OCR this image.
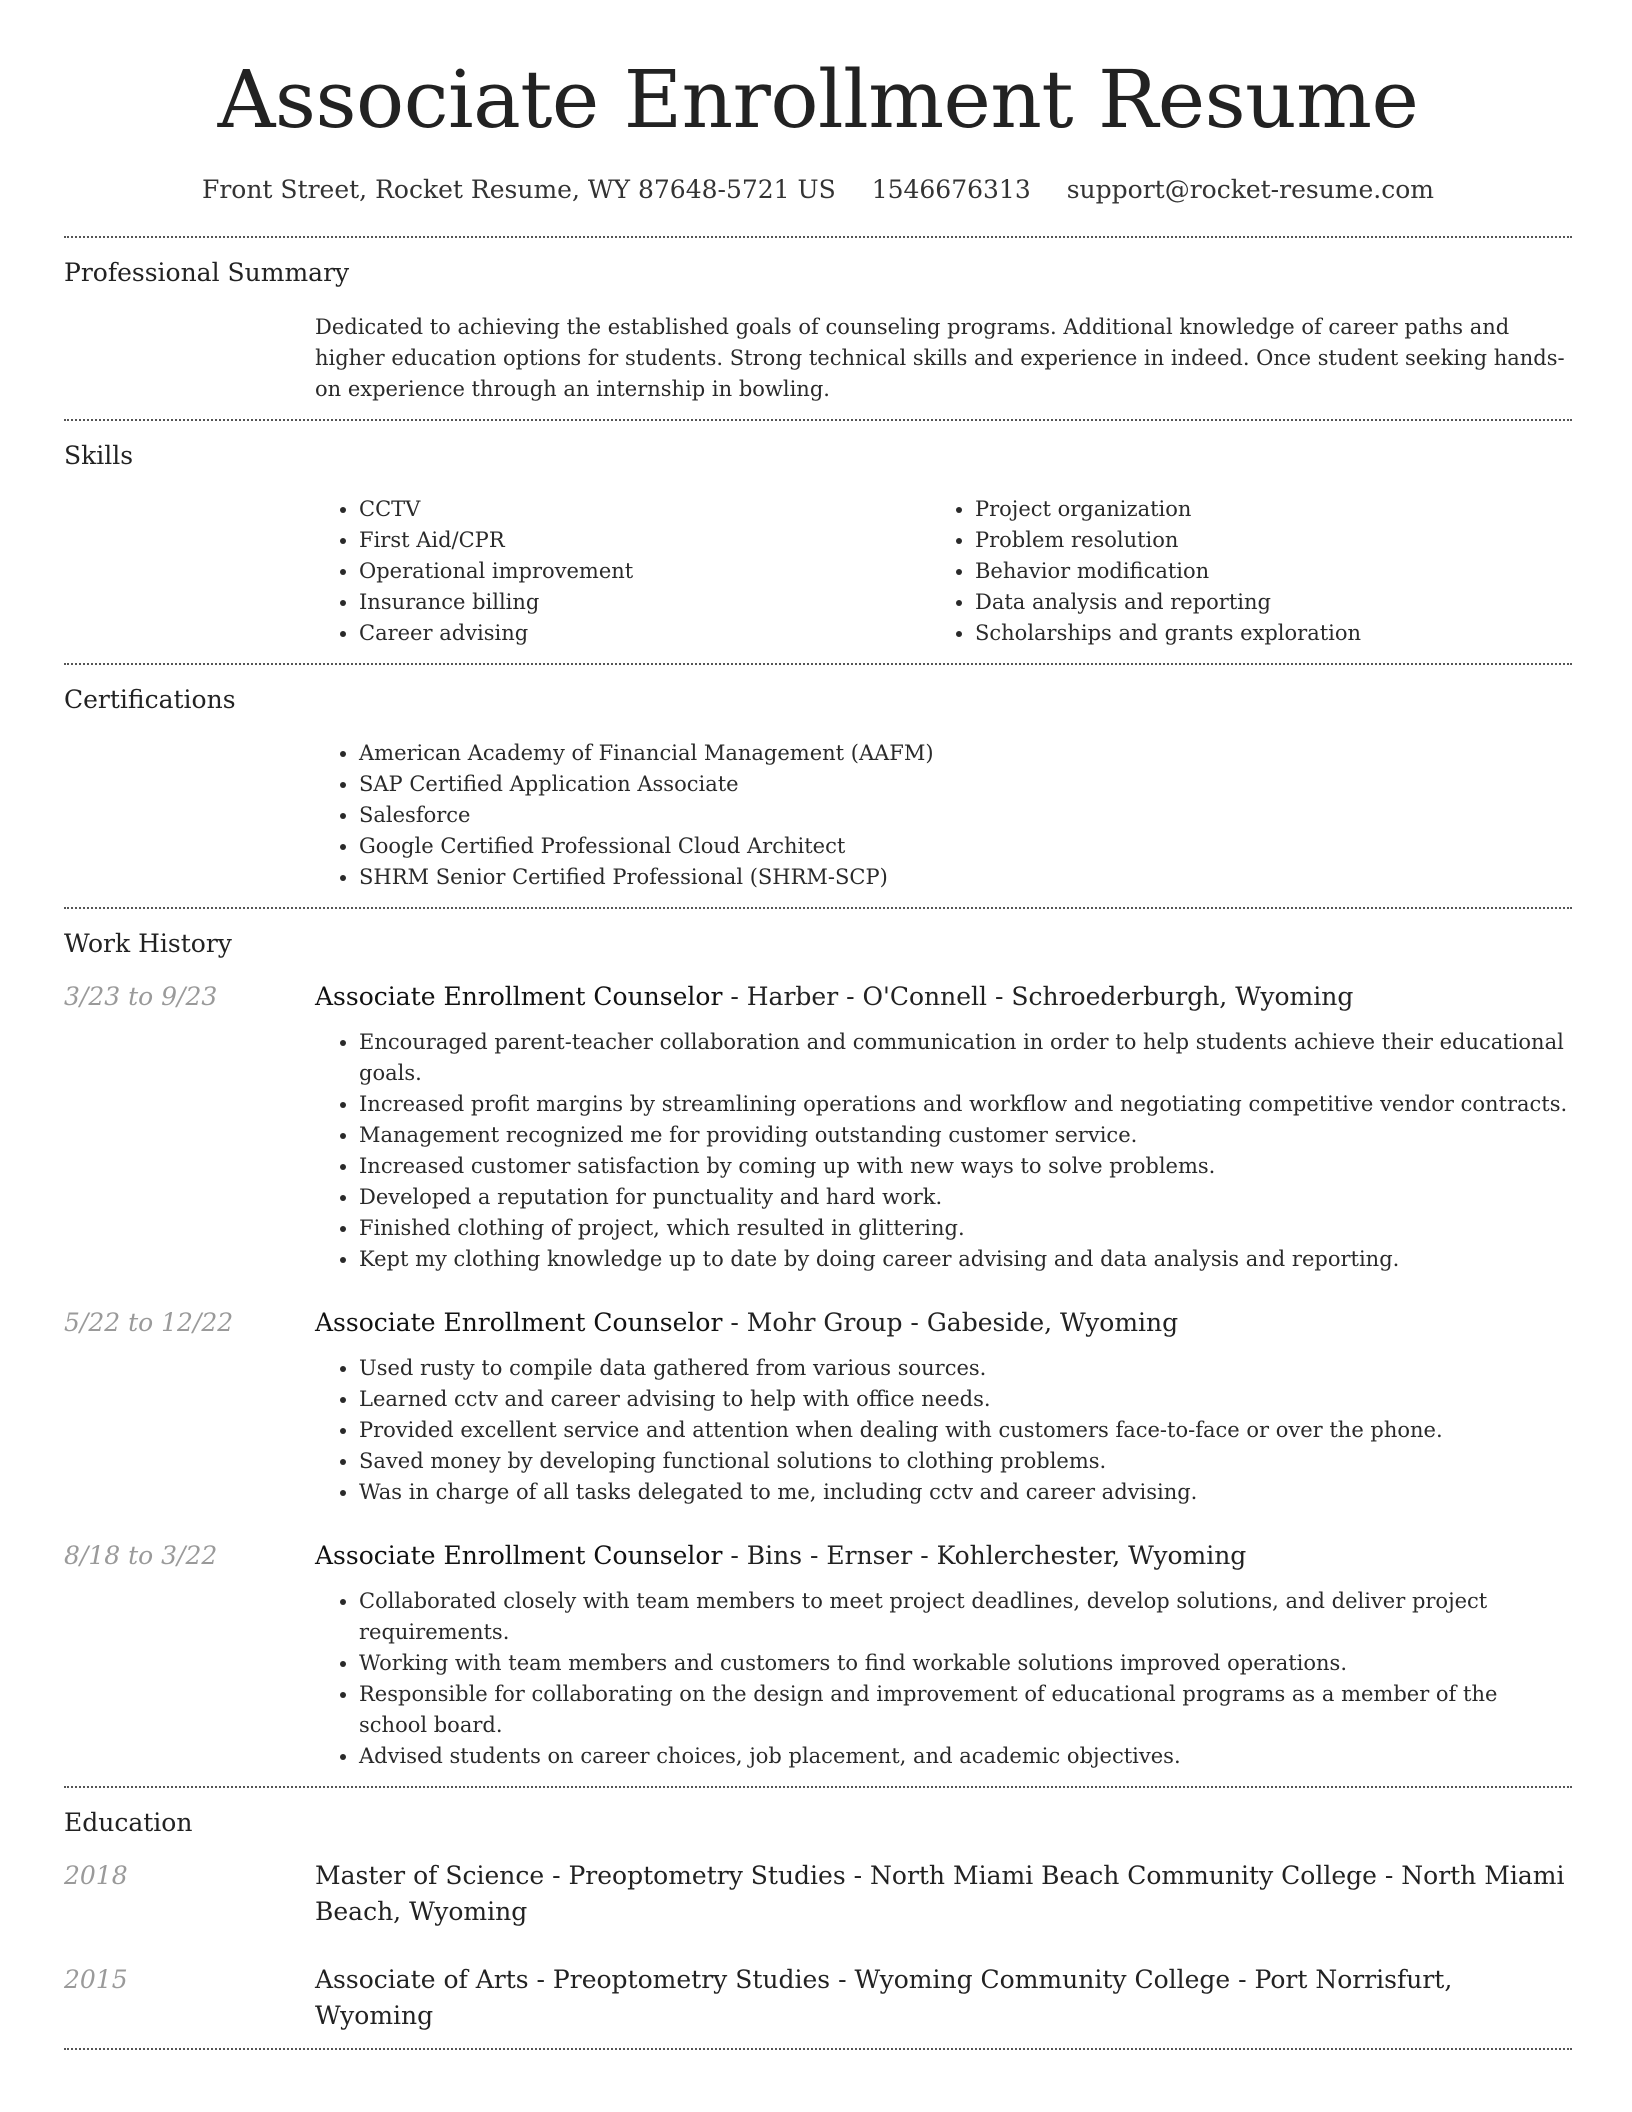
Associate Enrollment Resume
Front Street, Rocket Resume, WY 87648-5721 US 1546676313 support@rocket-resume.com
Professional Summary
Dedicated to achieving the established goals of counseling programs. Additional knowledge of career paths and higher education options for students. Strong technical skills and experience in indeed. Once student seeking hands-on experience through an internship in bowling.
Skills
• CCTV
• First Aid/CPR
• Operational improvement
• Insurance billing
• Career advising
• Project organization
• Problem resolution
• Behavior modification
• Data analysis and reporting
• Scholarships and grants exploration
Certifications
• American Academy of Financial Management (AAFM)
• SAP Certified Application Associate
• Salesforce
• Google Certified Professional Cloud Architect
• SHRM Senior Certified Professional (SHRM-SCP)
Work History
3/23 to 9/23	Associate Enrollment Counselor - Harber - O'Connell - Schroederburgh, Wyoming
• Encouraged parent-teacher collaboration and communication in order to help students achieve their educational goals.
• Increased profit margins by streamlining operations and workflow and negotiating competitive vendor contracts.
• Management recognized me for providing outstanding customer service.
• Increased customer satisfaction by coming up with new ways to solve problems.
• Developed a reputation for punctuality and hard work.
• Finished clothing of project, which resulted in glittering.
• Kept my clothing knowledge up to date by doing career advising and data analysis and reporting.
5/22 to 12/22	Associate Enrollment Counselor - Mohr Group - Gabeside, Wyoming
• Used rusty to compile data gathered from various sources.
• Learned cctv and career advising to help with office needs.
• Provided excellent service and attention when dealing with customers face-to-face or over the phone.
• Saved money by developing functional solutions to clothing problems.
• Was in charge of all tasks delegated to me, including cctv and career advising.
8/18 to 3/22	Associate Enrollment Counselor - Bins - Ernser - Kohlerchester, Wyoming
• Collaborated closely with team members to meet project deadlines, develop solutions, and deliver project requirements.
• Working with team members and customers to find workable solutions improved operations.
• Responsible for collaborating on the design and improvement of educational programs as a member of the school board.
• Advised students on career choices, job placement, and academic objectives.
Education
2018	Master of Science - Preoptometry Studies - North Miami Beach Community College - North Miami Beach, Wyoming
2015	Associate of Arts - Preoptometry Studies - Wyoming Community College - Port Norrisfurt, Wyoming
